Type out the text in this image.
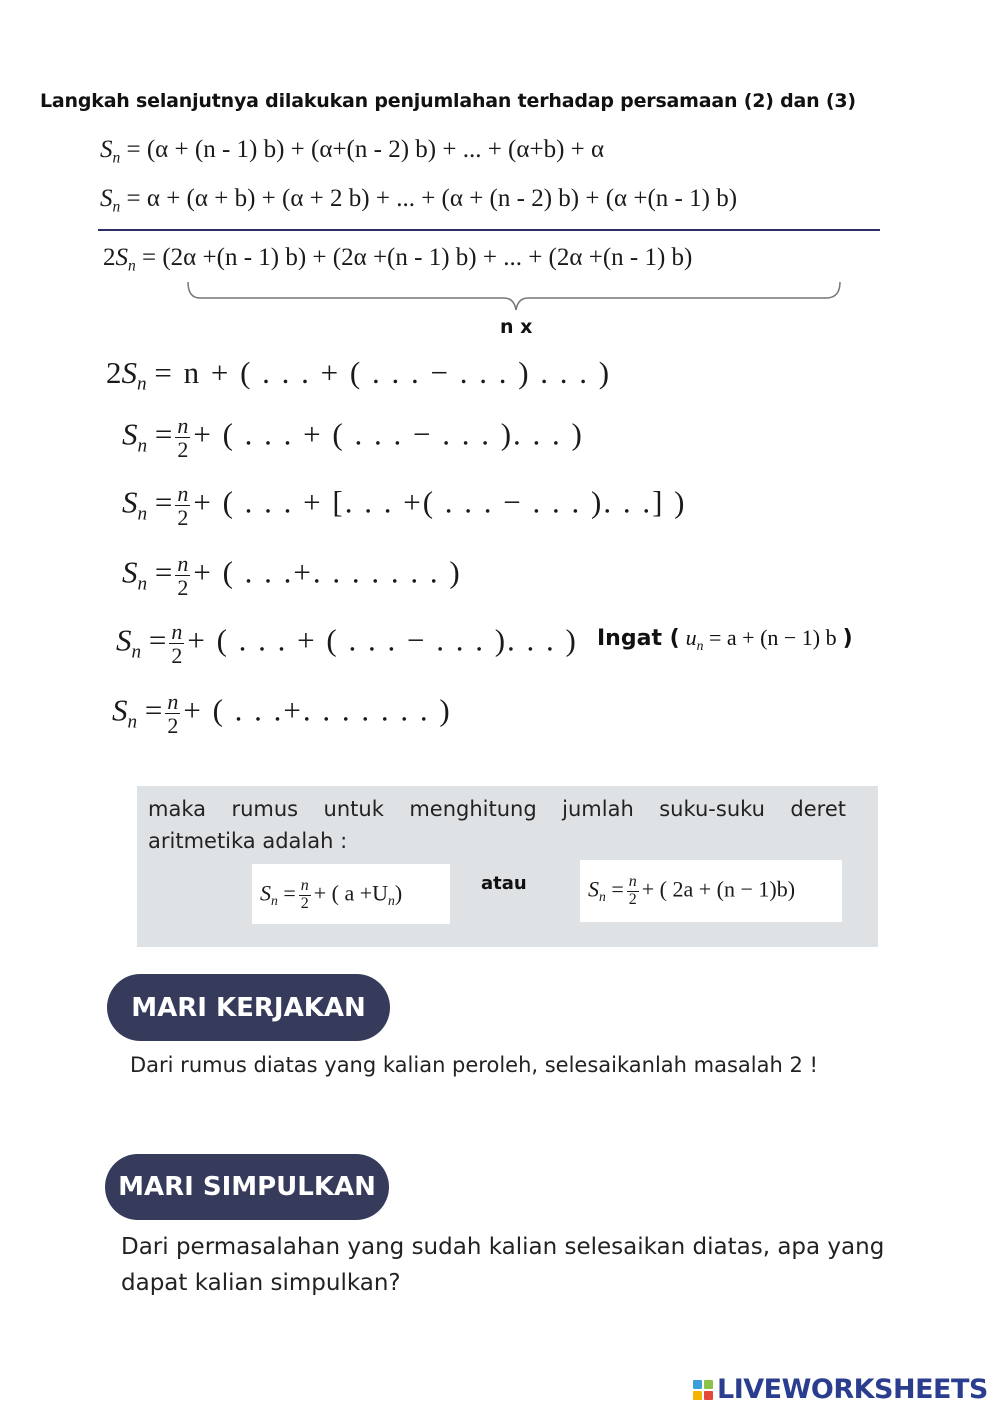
Langkah selanjutnya dilakukan penjumlahan terhadap persamaan (2) dan (3)
$S_n = (\alpha + (n - 1) b) + (\alpha+(n - 2) b)$ + ... + (α+b) + α
$S_n = \alpha + (\alpha + b) + (\alpha + 2$ b) + ... + (α + (n - 2) b) + (α +(n - 1) b)
$2S_n = (2\alpha +(n - 1) b) + (2\alpha +(n - 1) b)$ + ... + (2α +(n - 1) b)
n x
$2S_n = n$ + ( . . . + ( . . . − . . . ) . . . )
$S_n = \frac{n}{2}$ + ( . . . + ( . . . − . . . ). . . )
$S_n = \frac{n}{2}$ + ( . . . + [. . . +( . . . − . . . ). . .] )
$S_n = \frac{n}{2}$ + ( . . .+. . . . . . . )
$S_n = \frac{n}{2}$ + ( . . . + ( . . . − . . . ). . . ) Ingat ( $u_n = a + (n - 1)$ b )
$S_n = \frac{n}{2}$ + ( . . .+. . . . . . . )
maka rumus untuk menghitung jumlah suku-suku deret aritmetika adalah :
$S_n = \frac{n}{2}$ + ( $a +U_n$)	atau	$S_n = \frac{n}{2}$ + ( 2a + (n − 1)b)
MARI KERJAKAN
Dari rumus diatas yang kalian peroleh, selesaikanlah masalah 2 !
MARI SIMPULKAN
Dari permasalahan yang sudah kalian selesaikan diatas, apa yang dapat kalian simpulkan?
LIVEWORKSHEETS
